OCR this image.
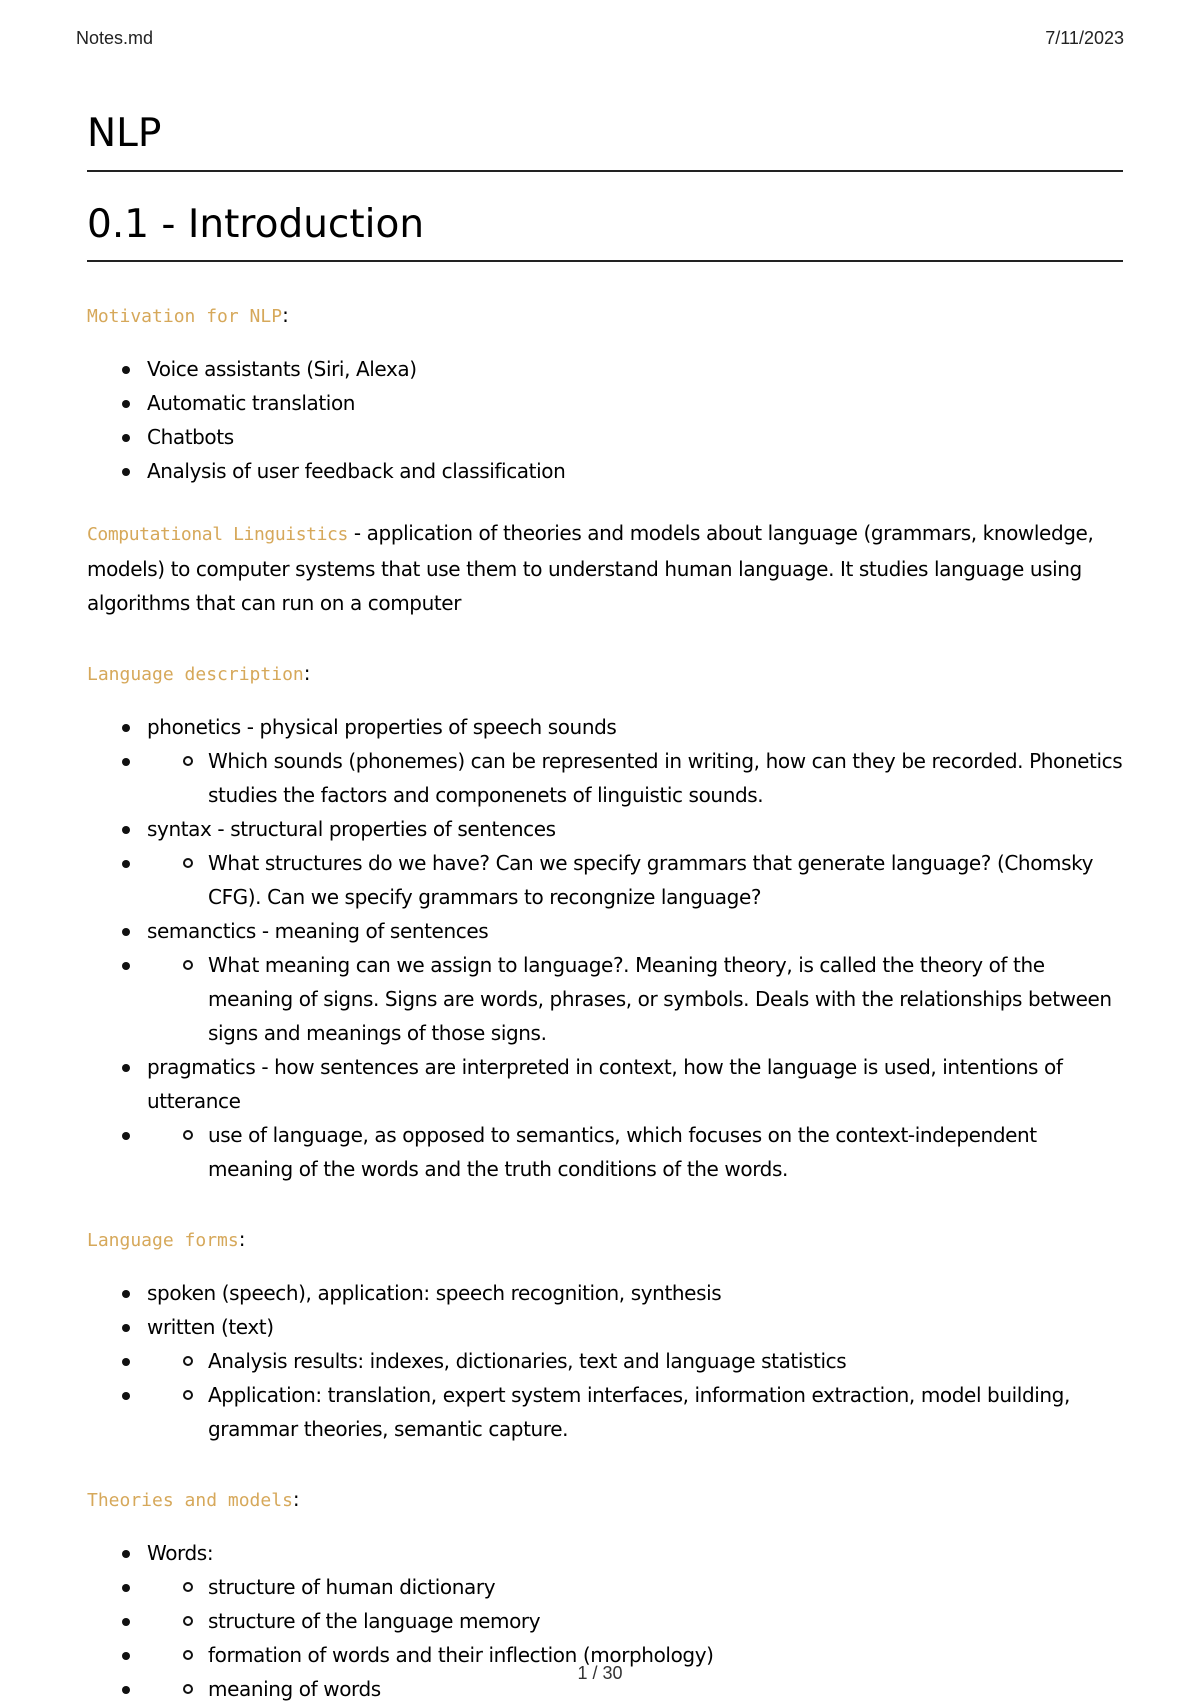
Notes.md	7/11/2023
NLP
0.1 - Introduction
Motivation for NLP:
Voice assistants (Siri, Alexa)
Automatic translation
Chatbots
Analysis of user feedback and classification

Computational Linguistics - application of theories and models about language (grammars, knowledge, models) to computer systems that use them to understand human language. It studies language using algorithms that can run on a computer

Language description:
phonetics - physical properties of speech sounds
Which sounds (phonemes) can be represented in writing, how can they be recorded. Phonetics studies the factors and componenets of linguistic sounds.
syntax - structural properties of sentences
What structures do we have? Can we specify grammars that generate language? (Chomsky CFG). Can we specify grammars to recongnize language?
semanctics - meaning of sentences
What meaning can we assign to language?. Meaning theory, is called the theory of the meaning of signs. Signs are words, phrases, or symbols. Deals with the relationships between signs and meanings of those signs.
pragmatics - how sentences are interpreted in context, how the language is used, intentions of utterance
use of language, as opposed to semantics, which focuses on the context-independent meaning of the words and the truth conditions of the words.
Language forms:
spoken (speech), application: speech recognition, synthesis
written (text)
Analysis results: indexes, dictionaries, text and language statistics
Application: translation, expert system interfaces, information extraction, model building, grammar theories, semantic capture.
Theories and models:
Words:
structure of human dictionary
structure of the language memory
formation of words and their inflection (morphology)
meaning of words
1 / 30
